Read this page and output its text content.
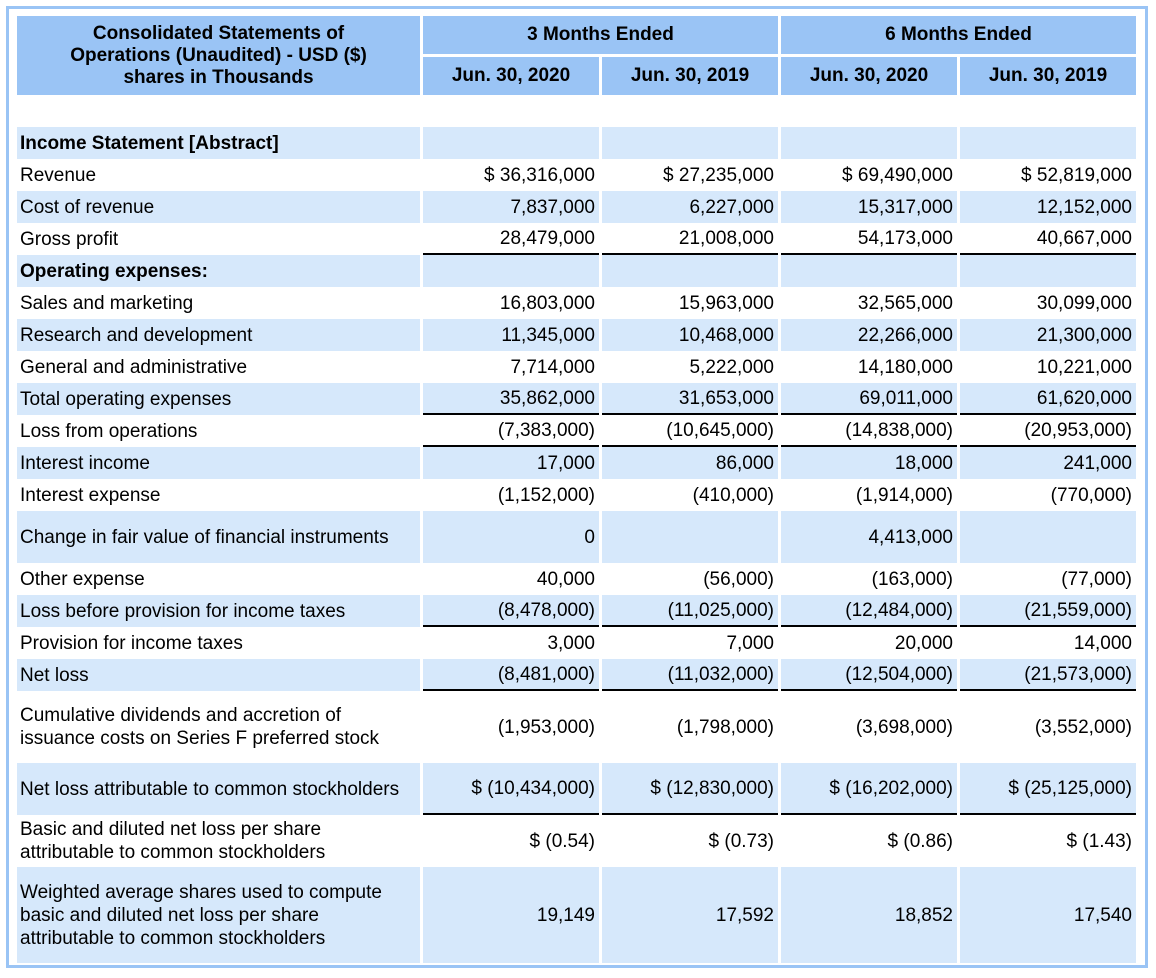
Consolidated Statements of
Operations (Unaudited) - USD ($)
shares in Thousands	3 Months Ended		6 Months Ended	
	Jun. 30, 2020	Jun. 30, 2019	Jun. 30, 2020	Jun. 30, 2019

Income Statement [Abstract]				
Revenue	$ 36,316,000	$ 27,235,000	$ 69,490,000	$ 52,819,000
Cost of revenue	7,837,000	6,227,000	15,317,000	12,152,000
Gross profit	28,479,000	21,008,000	54,173,000	40,667,000
Operating expenses:				
Sales and marketing	16,803,000	15,963,000	32,565,000	30,099,000
Research and development	11,345,000	10,468,000	22,266,000	21,300,000
General and administrative	7,714,000	5,222,000	14,180,000	10,221,000
Total operating expenses	35,862,000	31,653,000	69,011,000	61,620,000
Loss from operations	(7,383,000)	(10,645,000)	(14,838,000)	(20,953,000)
Interest income	17,000	86,000	18,000	241,000
Interest expense	(1,152,000)	(410,000)	(1,914,000)	(770,000)
Change in fair value of financial instruments	0		4,413,000	
Other expense	40,000	(56,000)	(163,000)	(77,000)
Loss before provision for income taxes	(8,478,000)	(11,025,000)	(12,484,000)	(21,559,000)
Provision for income taxes	3,000	7,000	20,000	14,000
Net loss	(8,481,000)	(11,032,000)	(12,504,000)	(21,573,000)
Cumulative dividends and accretion of issuance costs on Series F preferred stock	(1,953,000)	(1,798,000)	(3,698,000)	(3,552,000)
Net loss attributable to common stockholders	$ (10,434,000)	$ (12,830,000)	$ (16,202,000)	$ (25,125,000)
Basic and diluted net loss per share attributable to common stockholders	$ (0.54)	$ (0.73)	$ (0.86)	$ (1.43)
Weighted average shares used to compute basic and diluted net loss per share attributable to common stockholders	19,149	17,592	18,852	17,540
